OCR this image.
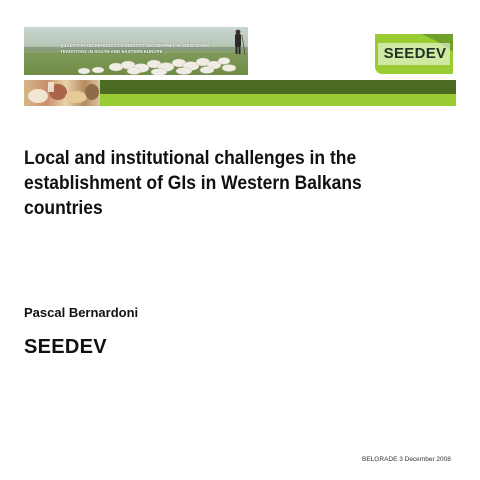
QUALITY FOOD PRODUCTS LINKED TO GEOGRAPHICAL ORIGIN AND
TRADITIONS IN SOUTH AND EASTERN EUROPE	SEEDEV
Local and institutional challenges in the
establishment of GIs in Western Balkans
countries
Pascal Bernardoni
SEEDEV
BELGRADE 3 December 2008
